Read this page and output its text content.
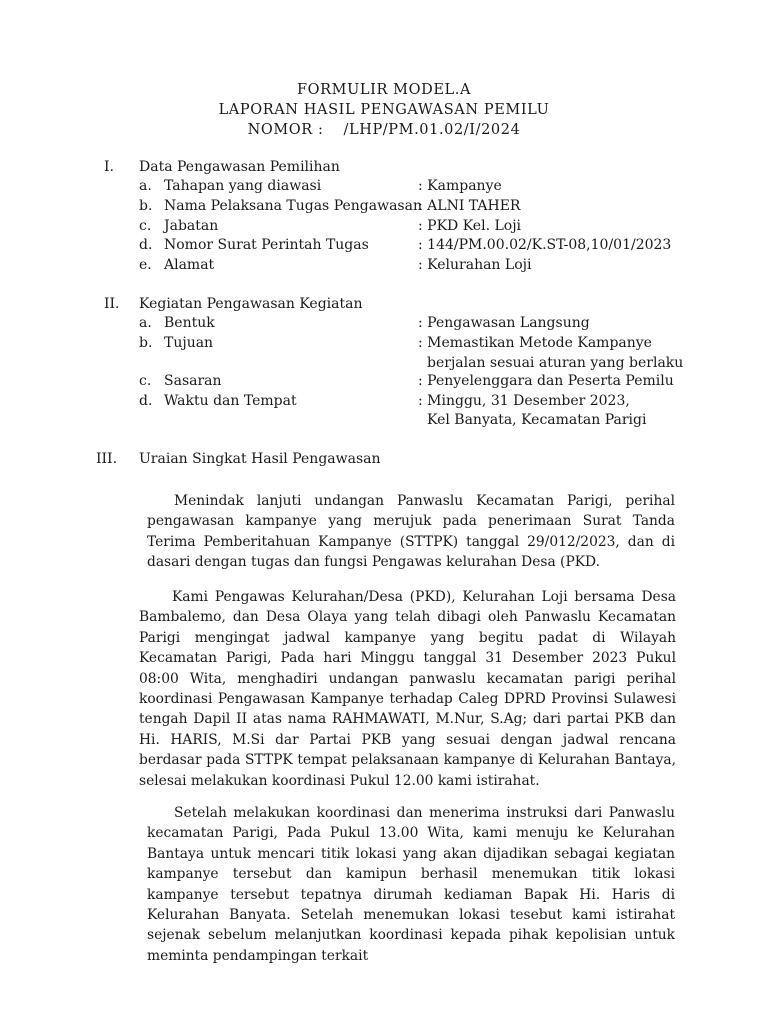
FORMULIR MODEL.A
LAPORAN HASIL PENGAWASAN PEMILU
NOMOR : /LHP/PM.01.02/I/2024
I. Data Pengawasan Pemilihan
a. Tahapan yang diawasi	: Kampanye
b. Nama Pelaksana Tugas Pengawasan
: ALNI TAHER
c. Jabatan	: PKD Kel. Loji
d. Nomor Surat Perintah Tugas	: 144/PM.00.02/K.ST-08,10/01/2023
e. Alamat	: Kelurahan Loji
II. Kegiatan Pengawasan Kegiatan
a. Bentuk	: Pengawasan Langsung
b. Tujuan	: Memastikan Metode Kampanye
berjalan sesuai aturan yang berlaku
c. Sasaran	: Penyelenggara dan Peserta Pemilu
d. Waktu dan Tempat	: Minggu, 31 Desember 2023,
Kel Banyata, Kecamatan Parigi
III. Uraian Singkat Hasil Pengawasan
Menindak lanjuti undangan Panwaslu Kecamatan Parigi, perihal pengawasan kampanye yang merujuk pada penerimaan Surat Tanda Terima Pemberitahuan Kampanye (STTPK) tanggal 29/012/2023, dan di dasari dengan tugas dan fungsi Pengawas kelurahan Desa (PKD.
Kami Pengawas Kelurahan/Desa (PKD), Kelurahan Loji bersama Desa Bambalemo, dan Desa Olaya yang telah dibagi oleh Panwaslu Kecamatan Parigi mengingat jadwal kampanye yang begitu padat di Wilayah Kecamatan Parigi, Pada hari Minggu tanggal 31 Desember 2023 Pukul 08:00 Wita, menghadiri undangan panwaslu kecamatan parigi perihal koordinasi Pengawasan Kampanye terhadap Caleg DPRD Provinsi Sulawesi tengah Dapil II atas nama RAHMAWATI, M.Nur, S.Ag; dari partai PKB dan Hi. HARIS, M.Si dar Partai PKB yang sesuai dengan jadwal rencana berdasar pada STTPK tempat pelaksanaan kampanye di Kelurahan Bantaya, selesai melakukan koordinasi Pukul 12.00 kami istirahat.
Setelah melakukan koordinasi dan menerima instruksi dari Panwaslu kecamatan Parigi, Pada Pukul 13.00 Wita, kami menuju ke Kelurahan Bantaya untuk mencari titik lokasi yang akan dijadikan sebagai kegiatan kampanye tersebut dan kamipun berhasil menemukan titik lokasi kampanye tersebut tepatnya dirumah kediaman Bapak Hi. Haris di Kelurahan Banyata. Setelah menemukan lokasi tesebut kami istirahat sejenak sebelum melanjutkan koordinasi kepada pihak kepolisian untuk meminta pendampingan terkait
